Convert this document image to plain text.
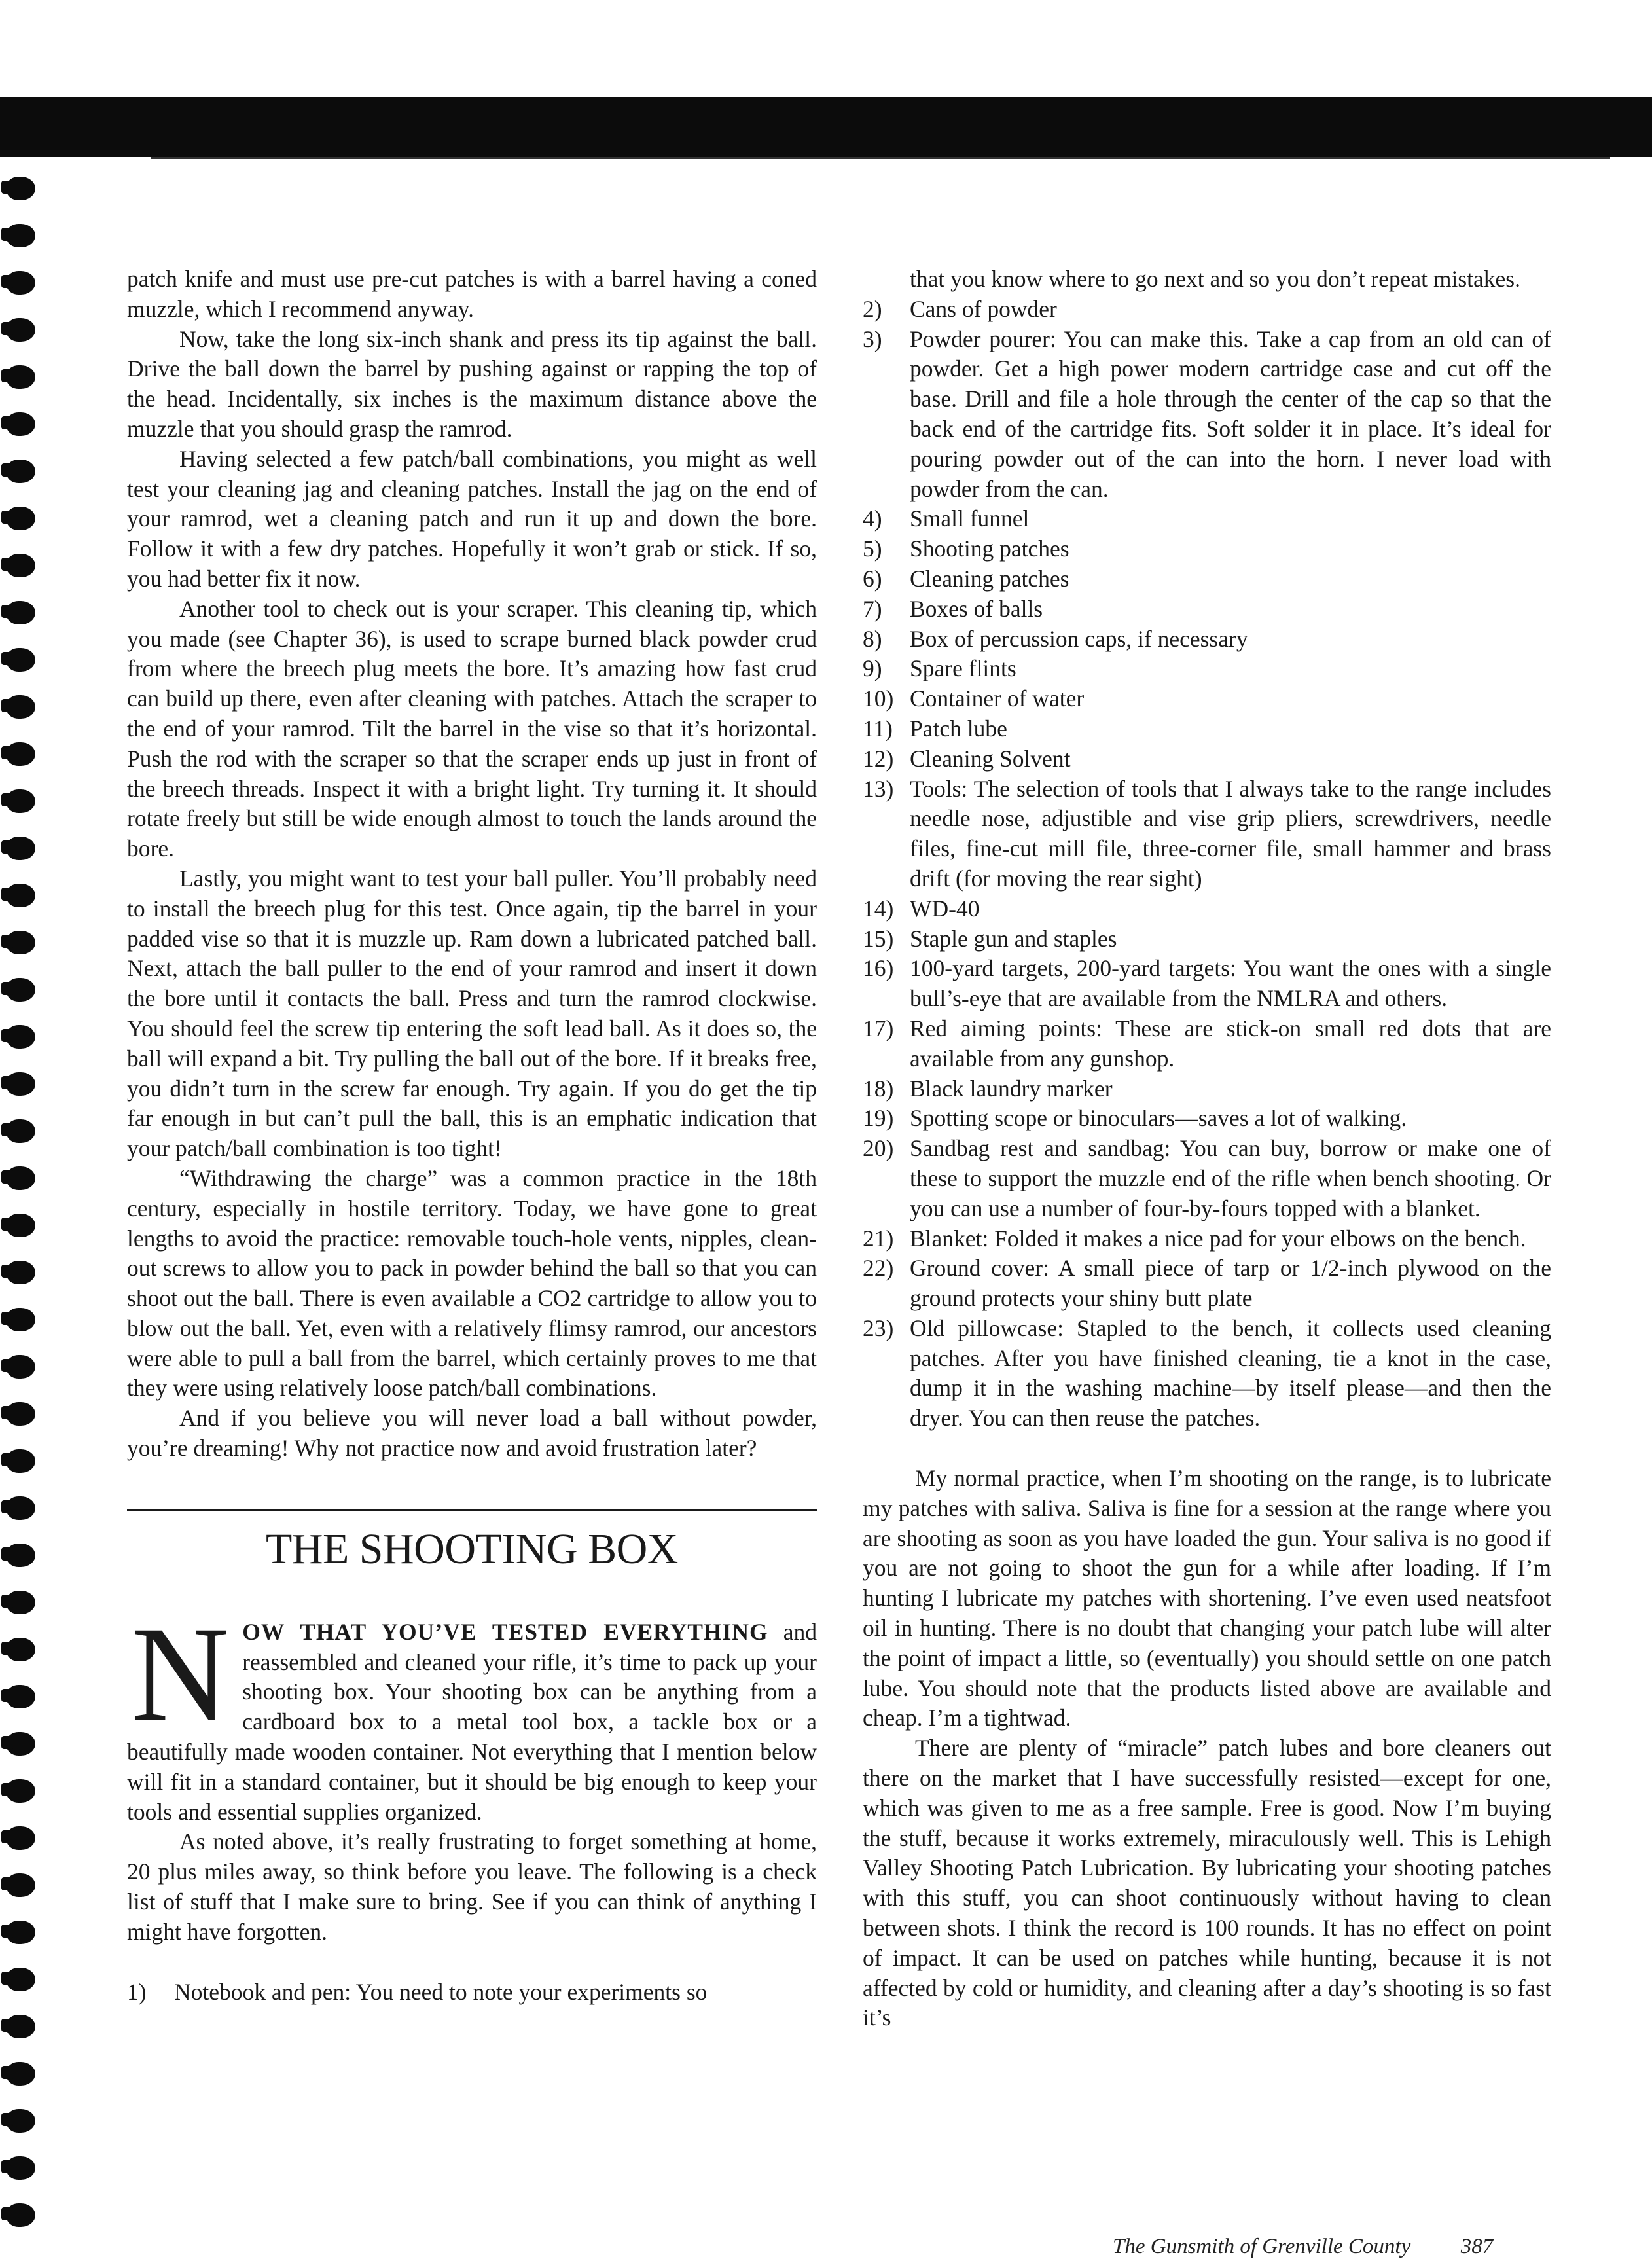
patch knife and must use pre-cut patches is with a barrel having a coned muzzle, which I recommend anyway.

Now, take the long six-inch shank and press its tip against the ball. Drive the ball down the barrel by pushing against or rapping the top of the head. Incidentally, six inches is the maximum distance above the muzzle that you should grasp the ramrod.

Having selected a few patch/ball combinations, you might as well test your cleaning jag and cleaning patches. Install the jag on the end of your ramrod, wet a cleaning patch and run it up and down the bore. Follow it with a few dry patches. Hopefully it won’t grab or stick. If so, you had better fix it now.

Another tool to check out is your scraper. This cleaning tip, which you made (see Chapter 36), is used to scrape burned black powder crud from where the breech plug meets the bore. It’s amazing how fast crud can build up there, even after cleaning with patches. Attach the scraper to the end of your ramrod. Tilt the barrel in the vise so that it’s horizontal. Push the rod with the scraper so that the scraper ends up just in front of the breech threads. Inspect it with a bright light. Try turning it. It should rotate freely but still be wide enough almost to touch the lands around the bore.

Lastly, you might want to test your ball puller. You’ll probably need to install the breech plug for this test. Once again, tip the barrel in your padded vise so that it is muzzle up. Ram down a lubricated patched ball. Next, attach the ball puller to the end of your ramrod and insert it down the bore until it contacts the ball. Press and turn the ramrod clockwise. You should feel the screw tip entering the soft lead ball. As it does so, the ball will expand a bit. Try pulling the ball out of the bore. If it breaks free, you didn’t turn in the screw far enough. Try again. If you do get the tip far enough in but can’t pull the ball, this is an emphatic indication that your patch/ball combination is too tight!

“Withdrawing the charge” was a common practice in the 18th century, especially in hostile territory. Today, we have gone to great lengths to avoid the practice: removable touch-hole vents, nipples, clean-out screws to allow you to pack in powder behind the ball so that you can shoot out the ball. There is even available a CO2 cartridge to allow you to blow out the ball. Yet, even with a relatively flimsy ramrod, our ancestors were able to pull a ball from the barrel, which certainly proves to me that they were using relatively loose patch/ball combinations.

And if you believe you will never load a ball without powder, you’re dreaming! Why not practice now and avoid frustration later?

THE SHOOTING BOX

NOW THAT YOU’VE TESTED EVERYTHING and reassembled and cleaned your rifle, it’s time to pack up your shooting box. Your shooting box can be anything from a cardboard box to a metal tool box, a tackle box or a beautifully made wooden container. Not everything that I mention below will fit in a standard container, but it should be big enough to keep your tools and essential supplies organized.

As noted above, it’s really frustrating to forget something at home, 20 plus miles away, so think before you leave. The following is a check list of stuff that I make sure to bring. See if you can think of anything I might have forgotten.

1) Notebook and pen: You need to note your experiments so
that you know where to go next and so you don’t repeat mistakes.
2) Cans of powder
3) Powder pourer: You can make this. Take a cap from an old can of powder. Get a high power modern cartridge case and cut off the base. Drill and file a hole through the center of the cap so that the back end of the cartridge fits. Soft solder it in place. It’s ideal for pouring powder out of the can into the horn. I never load with powder from the can.
4) Small funnel
5) Shooting patches
6) Cleaning patches
7) Boxes of balls
8) Box of percussion caps, if necessary
9) Spare flints
10) Container of water
11) Patch lube
12) Cleaning Solvent
13) Tools: The selection of tools that I always take to the range includes needle nose, adjustible and vise grip pliers, screwdrivers, needle files, fine-cut mill file, three-corner file, small hammer and brass drift (for moving the rear sight)
14) WD-40
15) Staple gun and staples
16) 100-yard targets, 200-yard targets: You want the ones with a single bull’s-eye that are available from the NMLRA and others.
17) Red aiming points: These are stick-on small red dots that are available from any gunshop.
18) Black laundry marker
19) Spotting scope or binoculars—saves a lot of walking.
20) Sandbag rest and sandbag: You can buy, borrow or make one of these to support the muzzle end of the rifle when bench shooting. Or you can use a number of four-by-fours topped with a blanket.
21) Blanket: Folded it makes a nice pad for your elbows on the bench.
22) Ground cover: A small piece of tarp or 1/2-inch plywood on the ground protects your shiny butt plate
23) Old pillowcase: Stapled to the bench, it collects used cleaning patches. After you have finished cleaning, tie a knot in the case, dump it in the washing machine—by itself please—and then the dryer. You can then reuse the patches.

My normal practice, when I’m shooting on the range, is to lubricate my patches with saliva. Saliva is fine for a session at the range where you are shooting as soon as you have loaded the gun. Your saliva is no good if you are not going to shoot the gun for a while after loading. If I’m hunting I lubricate my patches with shortening. I’ve even used neatsfoot oil in hunting. There is no doubt that changing your patch lube will alter the point of impact a little, so (eventually) you should settle on one patch lube. You should note that the products listed above are available and cheap. I’m a tightwad.

There are plenty of “miracle” patch lubes and bore cleaners out there on the market that I have successfully resisted—except for one, which was given to me as a free sample. Free is good. Now I’m buying the stuff, because it works extremely, miraculously well. This is Lehigh Valley Shooting Patch Lubrication. By lubricating your shooting patches with this stuff, you can shoot continuously without having to clean between shots. I think the record is 100 rounds. It has no effect on point of impact. It can be used on patches while hunting, because it is not affected by cold or humidity, and cleaning after a day’s shooting is so fast it’s

The Gunsmith of Grenville County 387
